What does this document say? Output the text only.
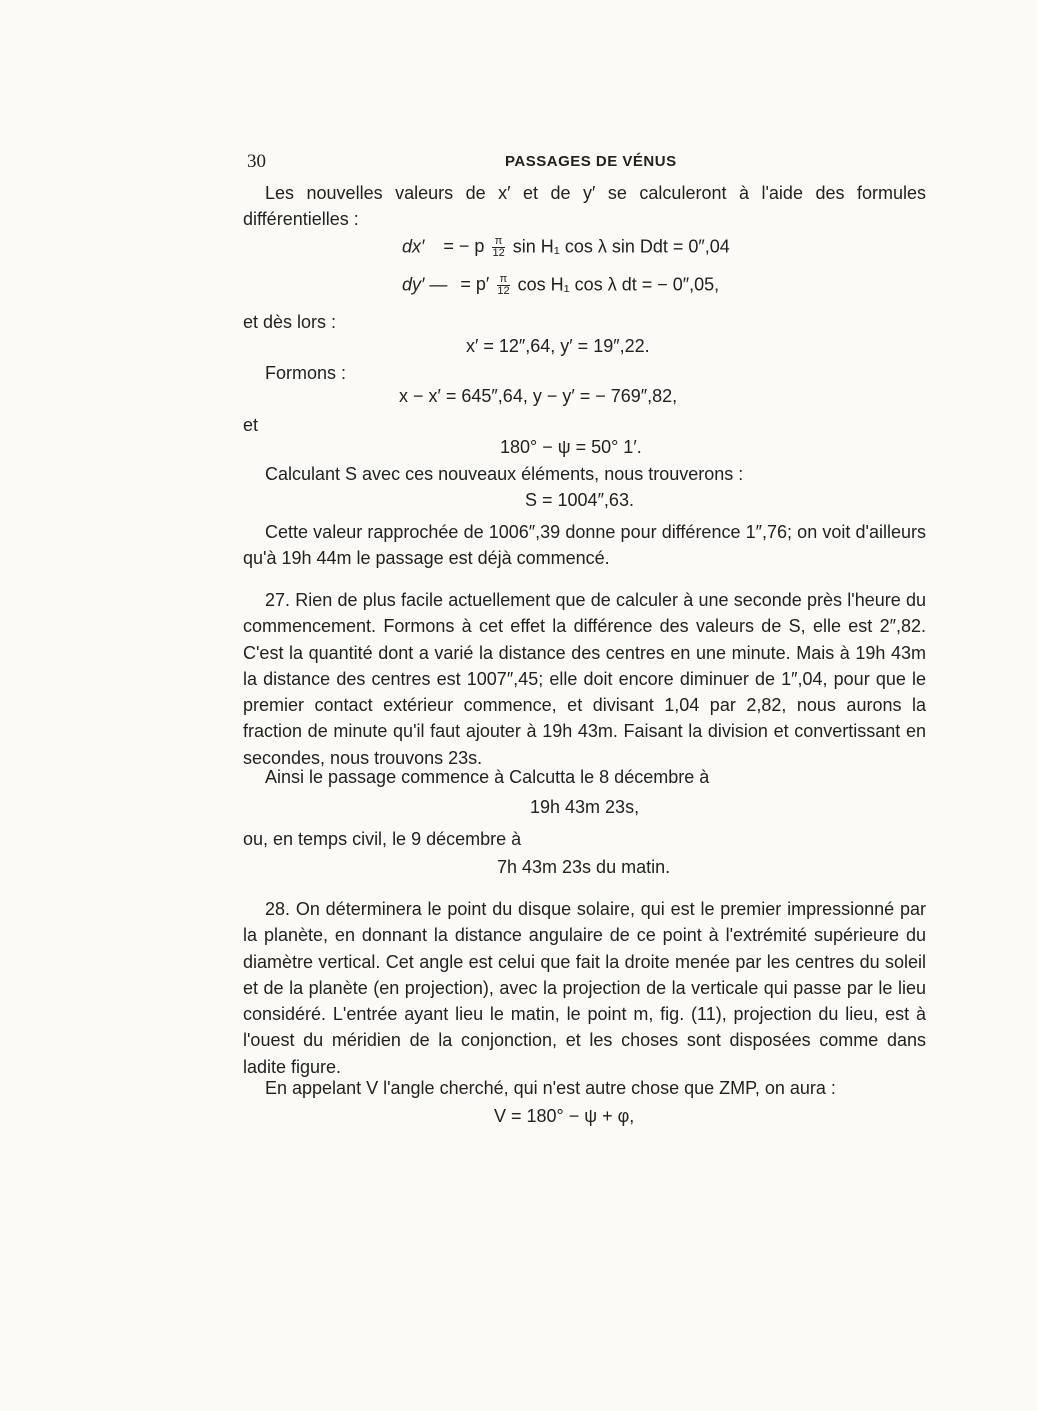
30	PASSAGES DE VÉNUS
Les nouvelles valeurs de x′ et de y′ se calculeront à l'aide des formules différentielles :
dx′ = − p $\frac{\pi}{12}$ sin H₁ cos λ sin Ddt = 0″,04
dy′ — = $p' \frac{\pi}{12}$ cos H₁ cos λ dt = − 0″,05,
et dès lors :
x′ = 12″,64, y′ = 19″,22.
Formons :
x − x′ = 645″,64, y − y′ = − 769″,82,
et
180° − ψ = 50° 1′.
Calculant S avec ces nouveaux éléments, nous trouverons :
S = 1004″,63.
Cette valeur rapprochée de 1006″,39 donne pour différence 1″,76; on voit d'ailleurs qu'à 19h 44m le passage est déjà commencé.
27. Rien de plus facile actuellement que de calculer à une seconde près l'heure du commencement. Formons à cet effet la différence des valeurs de S, elle est 2″,82. C'est la quantité dont a varié la distance des centres en une minute. Mais à 19h 43m la distance des centres est 1007″,45; elle doit encore diminuer de 1″,04, pour que le premier contact extérieur commence, et divisant 1,04 par 2,82, nous aurons la fraction de minute qu'il faut ajouter à 19h 43m. Faisant la division et convertissant en secondes, nous trouvons 23s.
Ainsi le passage commence à Calcutta le 8 décembre à
19h 43m 23s,
ou, en temps civil, le 9 décembre à
7h 43m 23s du matin.
28. On déterminera le point du disque solaire, qui est le premier impressionné par la planète, en donnant la distance angulaire de ce point à l'extrémité supérieure du diamètre vertical. Cet angle est celui que fait la droite menée par les centres du soleil et de la planète (en projection), avec la projection de la verticale qui passe par le lieu considéré. L'entrée ayant lieu le matin, le point m, fig. (11), projection du lieu, est à l'ouest du méridien de la conjonction, et les choses sont disposées comme dans ladite figure.
En appelant V l'angle cherché, qui n'est autre chose que ZMP, on aura :
V = 180° − ψ + φ,
